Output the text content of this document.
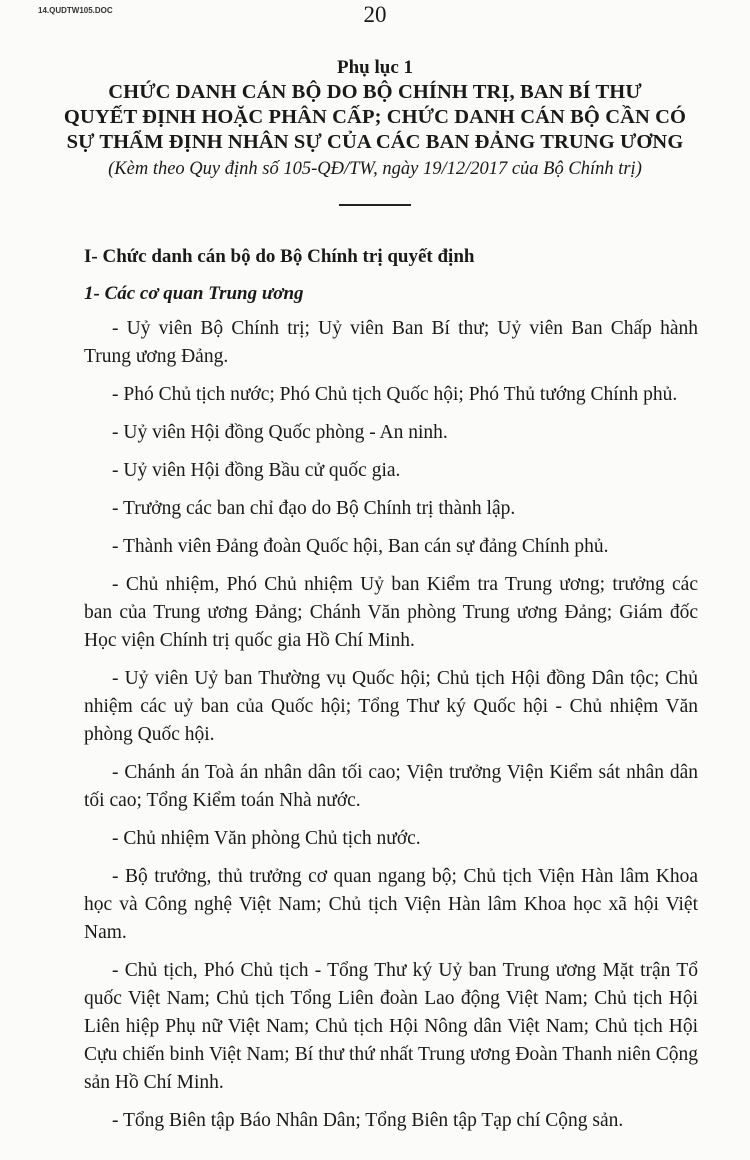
14.QUDTW105.DOC	20
Phụ lục 1
CHỨC DANH CÁN BỘ DO BỘ CHÍNH TRỊ, BAN BÍ THƯ
QUYẾT ĐỊNH HOẶC PHÂN CẤP; CHỨC DANH CÁN BỘ CẦN CÓ
SỰ THẨM ĐỊNH NHÂN SỰ CỦA CÁC BAN ĐẢNG TRUNG ƯƠNG
(Kèm theo Quy định số 105-QĐ/TW, ngày 19/12/2017 của Bộ Chính trị)
I- Chức danh cán bộ do Bộ Chính trị quyết định
1- Các cơ quan Trung ương

- Uỷ viên Bộ Chính trị; Uỷ viên Ban Bí thư; Uỷ viên Ban Chấp hành Trung ương Đảng.

- Phó Chủ tịch nước; Phó Chủ tịch Quốc hội; Phó Thủ tướng Chính phủ.

- Uỷ viên Hội đồng Quốc phòng - An ninh.

- Uỷ viên Hội đồng Bầu cử quốc gia.

- Trưởng các ban chỉ đạo do Bộ Chính trị thành lập.

- Thành viên Đảng đoàn Quốc hội, Ban cán sự đảng Chính phủ.

- Chủ nhiệm, Phó Chủ nhiệm Uỷ ban Kiểm tra Trung ương; trưởng các ban của Trung ương Đảng; Chánh Văn phòng Trung ương Đảng; Giám đốc Học viện Chính trị quốc gia Hồ Chí Minh.

- Uỷ viên Uỷ ban Thường vụ Quốc hội; Chủ tịch Hội đồng Dân tộc; Chủ nhiệm các uỷ ban của Quốc hội; Tổng Thư ký Quốc hội - Chủ nhiệm Văn phòng Quốc hội.

- Chánh án Toà án nhân dân tối cao; Viện trưởng Viện Kiểm sát nhân dân tối cao; Tổng Kiểm toán Nhà nước.

- Chủ nhiệm Văn phòng Chủ tịch nước.

- Bộ trưởng, thủ trưởng cơ quan ngang bộ; Chủ tịch Viện Hàn lâm Khoa học và Công nghệ Việt Nam; Chủ tịch Viện Hàn lâm Khoa học xã hội Việt Nam.

- Chủ tịch, Phó Chủ tịch - Tổng Thư ký Uỷ ban Trung ương Mặt trận Tổ quốc Việt Nam; Chủ tịch Tổng Liên đoàn Lao động Việt Nam; Chủ tịch Hội Liên hiệp Phụ nữ Việt Nam; Chủ tịch Hội Nông dân Việt Nam; Chủ tịch Hội Cựu chiến binh Việt Nam; Bí thư thứ nhất Trung ương Đoàn Thanh niên Cộng sản Hồ Chí Minh.

- Tổng Biên tập Báo Nhân Dân; Tổng Biên tập Tạp chí Cộng sản.
